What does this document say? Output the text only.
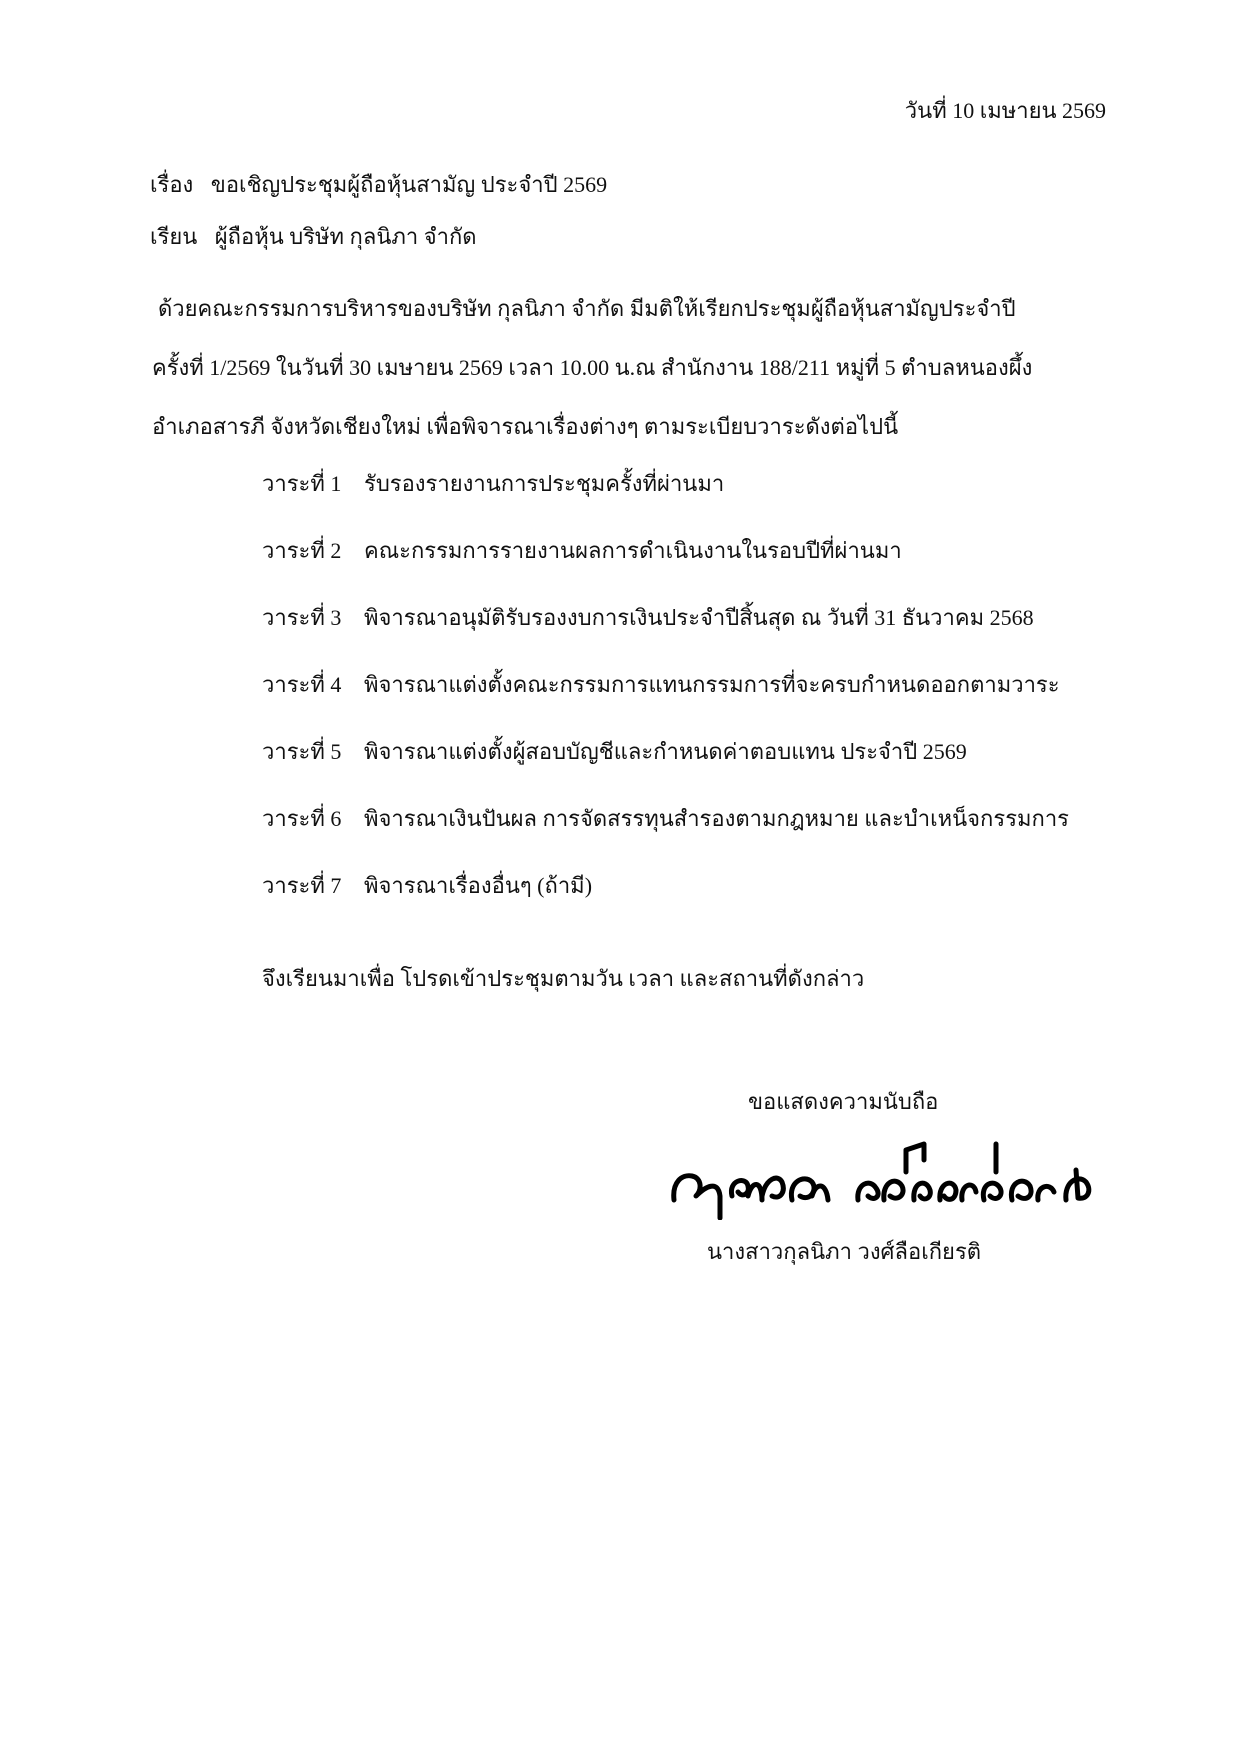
วันที่ 10 เมษายน 2569
เรื่อง ขอเชิญประชุมผู้ถือหุ้นสามัญ ประจำปี 2569
เรียน ผู้ถือหุ้น บริษัท กุลนิภา จำกัด
ด้วยคณะกรรมการบริหารของบริษัท กุลนิภา จำกัด มีมติให้เรียกประชุมผู้ถือหุ้นสามัญประจำปี
ครั้งที่ 1/2569 ในวันที่ 30 เมษายน 2569 เวลา 10.00 น.ณ สำนักงาน 188/211 หมู่ที่ 5 ตำบลหนองผึ้ง
อำเภอสารภี จังหวัดเชียงใหม่ เพื่อพิจารณาเรื่องต่างๆ ตามระเบียบวาระดังต่อไปนี้
วาระที่ 1 รับรองรายงานการประชุมครั้งที่ผ่านมา
วาระที่ 2 คณะกรรมการรายงานผลการดำเนินงานในรอบปีที่ผ่านมา
วาระที่ 3 พิจารณาอนุมัติรับรองงบการเงินประจำปีสิ้นสุด ณ วันที่ 31 ธันวาคม 2568
วาระที่ 4 พิจารณาแต่งตั้งคณะกรรมการแทนกรรมการที่จะครบกำหนดออกตามวาระ
วาระที่ 5 พิจารณาแต่งตั้งผู้สอบบัญชีและกำหนดค่าตอบแทน ประจำปี 2569
วาระที่ 6 พิจารณาเงินปันผล การจัดสรรทุนสำรองตามกฎหมาย และบำเหน็จกรรมการ
วาระที่ 7 พิจารณาเรื่องอื่นๆ (ถ้ามี)
จึงเรียนมาเพื่อ โปรดเข้าประชุมตามวัน เวลา และสถานที่ดังกล่าว
ขอแสดงความนับถือ
นางสาวกุลนิภา วงศ์ลือเกียรติ
